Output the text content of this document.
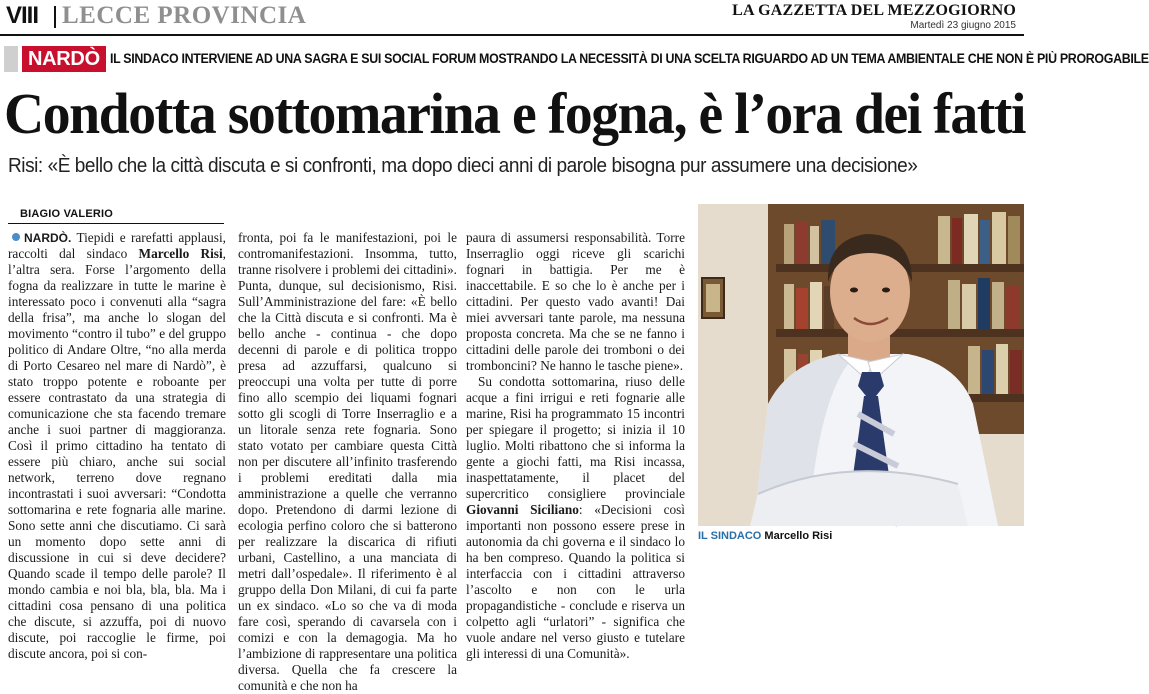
VIII LECCE PROVINCIA	LA GAZZETTA DEL MEZZOGIORNO
Martedì 23 giugno 2015
NARDÒ IL SINDACO INTERVIENE AD UNA SAGRA E SUI SOCIAL FORUM MOSTRANDO LA NECESSITÀ DI UNA SCELTA RIGUARDO AD UN TEMA AMBIENTALE CHE NON È PIÙ PROROGABILE
Condotta sottomarina e fogna, è l’ora dei fatti
Risi: «È bello che la città discuta e si confronti, ma dopo dieci anni di parole bisogna pur assumere una decisione»
BIAGIO VALERIO

NARDÒ. Tiepidi e rarefatti applausi, raccolti dal sindaco Marcello Risi, l’altra sera. Forse l’argomento della fogna da realizzare in tutte le marine è interessato poco i convenuti alla “sagra della frisa”, ma anche lo slogan del movimento “contro il tubo” e del gruppo politico di Andare Oltre, “no alla merda di Porto Cesareo nel mare di Nardò”, è stato troppo potente e roboante per essere contrastato da una strategia di comunicazione che sta facendo tremare anche i suoi partner di maggioranza. Così il primo cittadino ha tentato di essere più chiaro, anche sui social network, terreno dove regnano incontrastati i suoi avversari: “Condotta sottomarina e rete fognaria alle marine. Sono sette anni che discutiamo. Ci sarà un momento dopo sette anni di discussione in cui si deve decidere? Quando scade il tempo delle parole? Il mondo cambia e noi bla, bla, bla. Ma i cittadini cosa pensano di una politica che discute, si azzuffa, poi di nuovo discute, poi raccoglie le firme, poi discute ancora, poi si con-

fronta, poi fa le manifestazioni, poi le contromanifestazioni. Insomma, tutto, tranne risolvere i problemi dei cittadini». Punta, dunque, sul decisionismo, Risi. Sull’Amministrazione del fare: «È bello che la Città discuta e si confronti. Ma è bello anche - continua - che dopo decenni di parole e di politica troppo presa ad azzuffarsi, qualcuno si preoccupi una volta per tutte di porre fino allo scempio dei liquami fognari sotto gli scogli di Torre Inserraglio e a un litorale senza rete fognaria. Sono stato votato per cambiare questa Città non per discutere all’infinito trasferendo i problemi ereditati dalla mia amministrazione a quelle che verranno dopo. Pretendono di darmi lezione di ecologia perfino coloro che si batterono per realizzare la discarica di rifiuti urbani, Castellino, a una manciata di metri dall’ospedale». Il riferimento è al gruppo della Don Milani, di cui fa parte un ex sindaco. «Lo so che va di moda fare così, sperando di cavarsela con i comizi e con la demagogia. Ma ho l’ambizione di rappresentare una politica diversa. Quella che fa crescere la comunità e che non ha

paura di assumersi responsabilità. Torre Inserraglio oggi riceve gli scarichi fognari in battigia. Per me è inaccettabile. E so che lo è anche per i cittadini. Per questo vado avanti! Dai miei avversari tante parole, ma nessuna proposta concreta. Ma che se ne fanno i cittadini delle parole dei tromboni o dei tromboncini? Ne hanno le tasche piene».

Su condotta sottomarina, riuso delle acque a fini irrigui e reti fognarie alle marine, Risi ha programmato 15 incontri per spiegare il progetto; si inizia il 10 luglio. Molti ribattono che si informa la gente a giochi fatti, ma Risi incassa, inaspettatamente, il placet del supercritico consigliere provinciale Giovanni Siciliano: «Decisioni così importanti non possono essere prese in autonomia da chi governa e il sindaco lo ha ben compreso. Quando la politica si interfaccia con i cittadini attraverso l’ascolto e non con le urla propagandistiche - conclude e riserva un colpetto agli “urlatori” - significa che vuole andare nel verso giusto e tutelare gli interessi di una Comunità».

IL SINDACO Marcello Risi
